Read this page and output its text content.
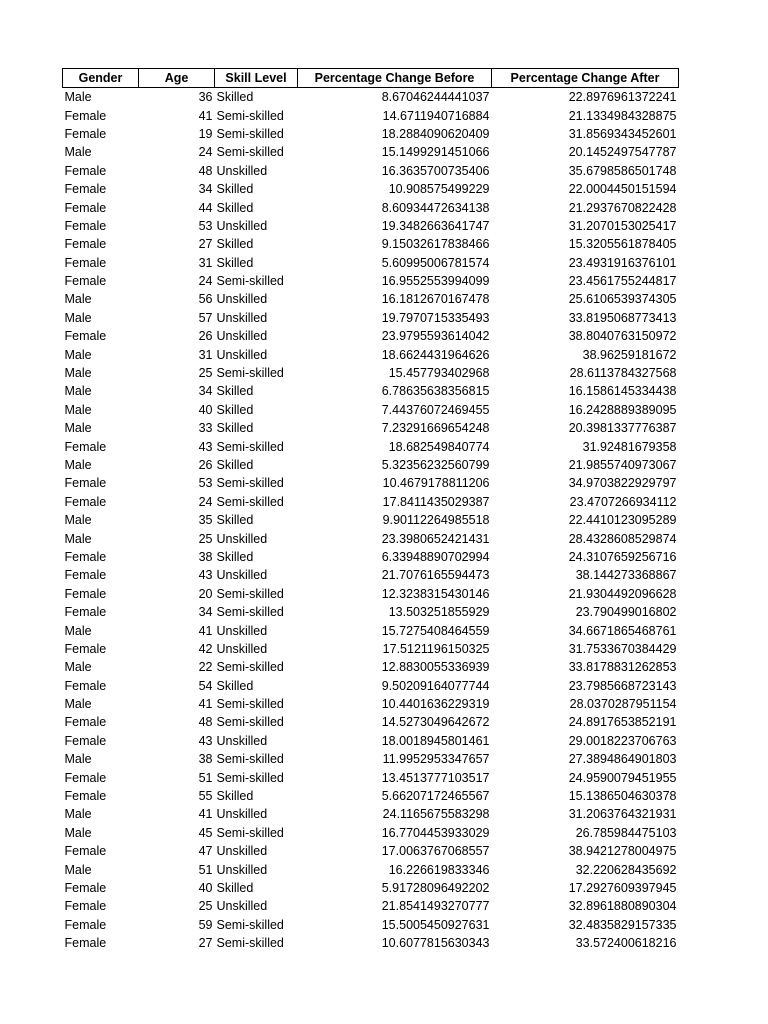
Gender	Age	Skill Level	Percentage Change Before	Percentage Change After
Male	36	Skilled	8.67046244441037	22.8976961372241
Female	41	Semi-skilled	14.6711940716884	21.1334984328875
Female	19	Semi-skilled	18.2884090620409	31.8569343452601
Male	24	Semi-skilled	15.1499291451066	20.1452497547787
Female	48	Unskilled	16.3635700735406	35.6798586501748
Female	34	Skilled	10.908575499229	22.0004450151594
Female	44	Skilled	8.60934472634138	21.2937670822428
Female	53	Unskilled	19.3482663641747	31.2070153025417
Female	27	Skilled	9.15032617838466	15.3205561878405
Female	31	Skilled	5.60995006781574	23.4931916376101
Female	24	Semi-skilled	16.9552553994099	23.4561755244817
Male	56	Unskilled	16.1812670167478	25.6106539374305
Male	57	Unskilled	19.7970715335493	33.8195068773413
Female	26	Unskilled	23.9795593614042	38.8040763150972
Male	31	Unskilled	18.6624431964626	38.96259181672
Male	25	Semi-skilled	15.457793402968	28.6113784327568
Male	34	Skilled	6.78635638356815	16.1586145334438
Male	40	Skilled	7.44376072469455	16.2428889389095
Male	33	Skilled	7.23291669654248	20.3981337776387
Female	43	Semi-skilled	18.682549840774	31.92481679358
Male	26	Skilled	5.32356232560799	21.9855740973067
Female	53	Semi-skilled	10.4679178811206	34.9703822929797
Female	24	Semi-skilled	17.8411435029387	23.4707266934112
Male	35	Skilled	9.90112264985518	22.4410123095289
Male	25	Unskilled	23.3980652421431	28.4328608529874
Female	38	Skilled	6.33948890702994	24.3107659256716
Female	43	Unskilled	21.7076165594473	38.144273368867
Female	20	Semi-skilled	12.3238315430146	21.9304492096628
Female	34	Semi-skilled	13.503251855929	23.790499016802
Male	41	Unskilled	15.7275408464559	34.6671865468761
Female	42	Unskilled	17.5121196150325	31.7533670384429
Male	22	Semi-skilled	12.8830055336939	33.8178831262853
Female	54	Skilled	9.50209164077744	23.7985668723143
Male	41	Semi-skilled	10.4401636229319	28.0370287951154
Female	48	Semi-skilled	14.5273049642672	24.8917653852191
Female	43	Unskilled	18.0018945801461	29.0018223706763
Male	38	Semi-skilled	11.9952953347657	27.3894864901803
Female	51	Semi-skilled	13.4513777103517	24.9590079451955
Female	55	Skilled	5.66207172465567	15.1386504630378
Male	41	Unskilled	24.1165675583298	31.2063764321931
Male	45	Semi-skilled	16.7704453933029	26.785984475103
Female	47	Unskilled	17.0063767068557	38.9421278004975
Male	51	Unskilled	16.226619833346	32.220628435692
Female	40	Skilled	5.91728096492202	17.2927609397945
Female	25	Unskilled	21.8541493270777	32.8961880890304
Female	59	Semi-skilled	15.5005450927631	32.4835829157335
Female	27	Semi-skilled	10.6077815630343	33.572400618216
